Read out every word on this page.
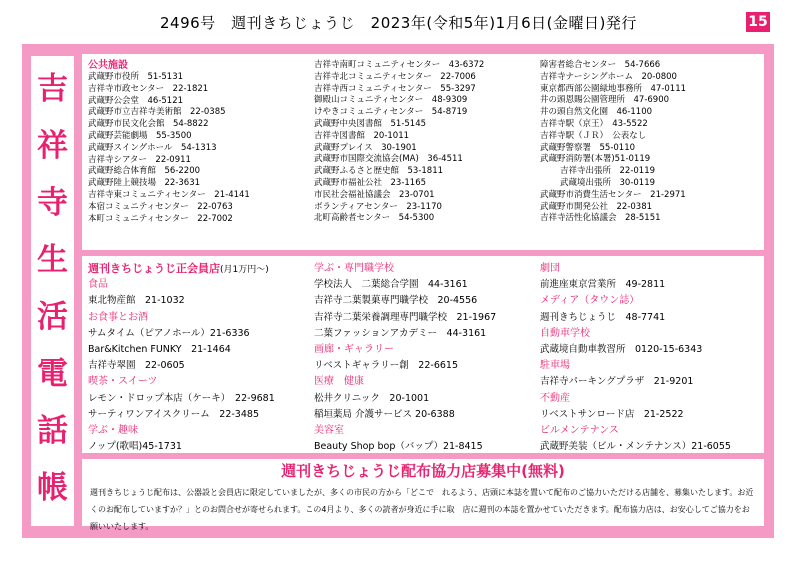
2496号　週刊きちじょうじ　2023年(令和5年)1月6日(金曜日)発行	15
吉
祥
寺
生
活
電
話
帳
公共施設
武蔵野市役所　51-5131
吉祥寺市政センター　22-1821
武蔵野公会堂　46-5121
武蔵野市立吉祥寺美術館　22-0385
武蔵野市民文化会館　54-8822
武蔵野芸能劇場　55-3500
武蔵野スイングホール　54-1313
吉祥寺シアター　22-0911
武蔵野総合体育館　56-2200
武蔵野陸上競技場　22-3631
吉祥寺東コミュニティセンター　21-4141
本宿コミュニティセンター　22-0763
本町コミュニティセンター　22-7002
吉祥寺南町コミュニティセンター　43-6372
吉祥寺北コミュニティセンター　22-7006
吉祥寺西コミュニティセンター　55-3297
御殿山コミュニティセンター　48-9309
けやきコミュニティセンター　54-8719
武蔵野中央図書館　51-5145
吉祥寺図書館　20-1011
武蔵野プレイス　30-1901
武蔵野市国際交流協会(MA)　36-4511
武蔵野ふるさと歴史館　53-1811
武蔵野市福祉公社　23-1165
市民社会福祉協議会　23-0701
ボランティアセンター　23-1170
北町高齢者センター　54-5300
障害者総合センター　54-7666
吉祥寺ナーシングホーム　20-0800
東京都西部公園緑地事務所　47-0111
井の頭恩賜公園管理所　47-6900
井の頭自然文化園　46-1100
吉祥寺駅（京王）　43-5522
吉祥寺駅（ＪＲ）　公表なし
武蔵野警察署　55-0110
武蔵野消防署(本署)51-0119
吉祥寺出張所　22-0119
武蔵境出張所　30-0119
武蔵野市消費生活センター　21-2971
武蔵野市開発公社　22-0381
吉祥寺活性化協議会　28-5151
週刊きちじょうじ正会員店(月1万円〜)
食品
東北物産館　21-1032
お食事とお酒
サムタイム（ピアノホール）21-6336
Bar&Kitchen FUNKY　21-1464
吉祥寺翠園　22-0605
喫茶・スイーツ
レモン・ドロップ本店（ケーキ）　22-9681
サーティワンアイスクリーム　22-3485
学ぶ・趣味
ノップ(歌唱)45-1731
学ぶ・専門職学校
学校法人　二葉総合学園　44-3161
吉祥寺二葉製菓専門職学校　20-4556
吉祥寺二葉栄養調理専門職学校　21-1967
二葉ファッションアカデミー　44-3161
画廊・ギャラリー
リベストギャラリー創　22-6615
医療　健康
松井クリニック　20-1001
稲垣薬局 介護サービス 20-6388
美容室
Beauty Shop bop（バップ）21-8415
劇団
前進座東京営業所　49-2811
メディア（タウン誌）
週刊きちじょうじ　48-7741
自動車学校
武蔵境自動車教習所　0120-15-6343
駐車場
吉祥寺パーキングプラザ　21-9201
不動産
リベストサンロード店　21-2522
ビルメンテナンス
武蔵野美装（ビル・メンテナンス）21-6055
週刊きちじょうじ配布協力店募集中(無料)
週刊きちじょうじ配布は、公器設と会員店に限定していましたが、多くの市民の方から「どこで　れるよう、店頭に本誌を置いて配布のご協力いただける店舗を、募集いたします。お近くのお配布していますか？」とのお問合せが寄せられます。この4月より、多くの読者が身近に手に取　店に週刊の本誌を置かせていただきます。配布協力店は、お安心してご協力をお願いいたします。
